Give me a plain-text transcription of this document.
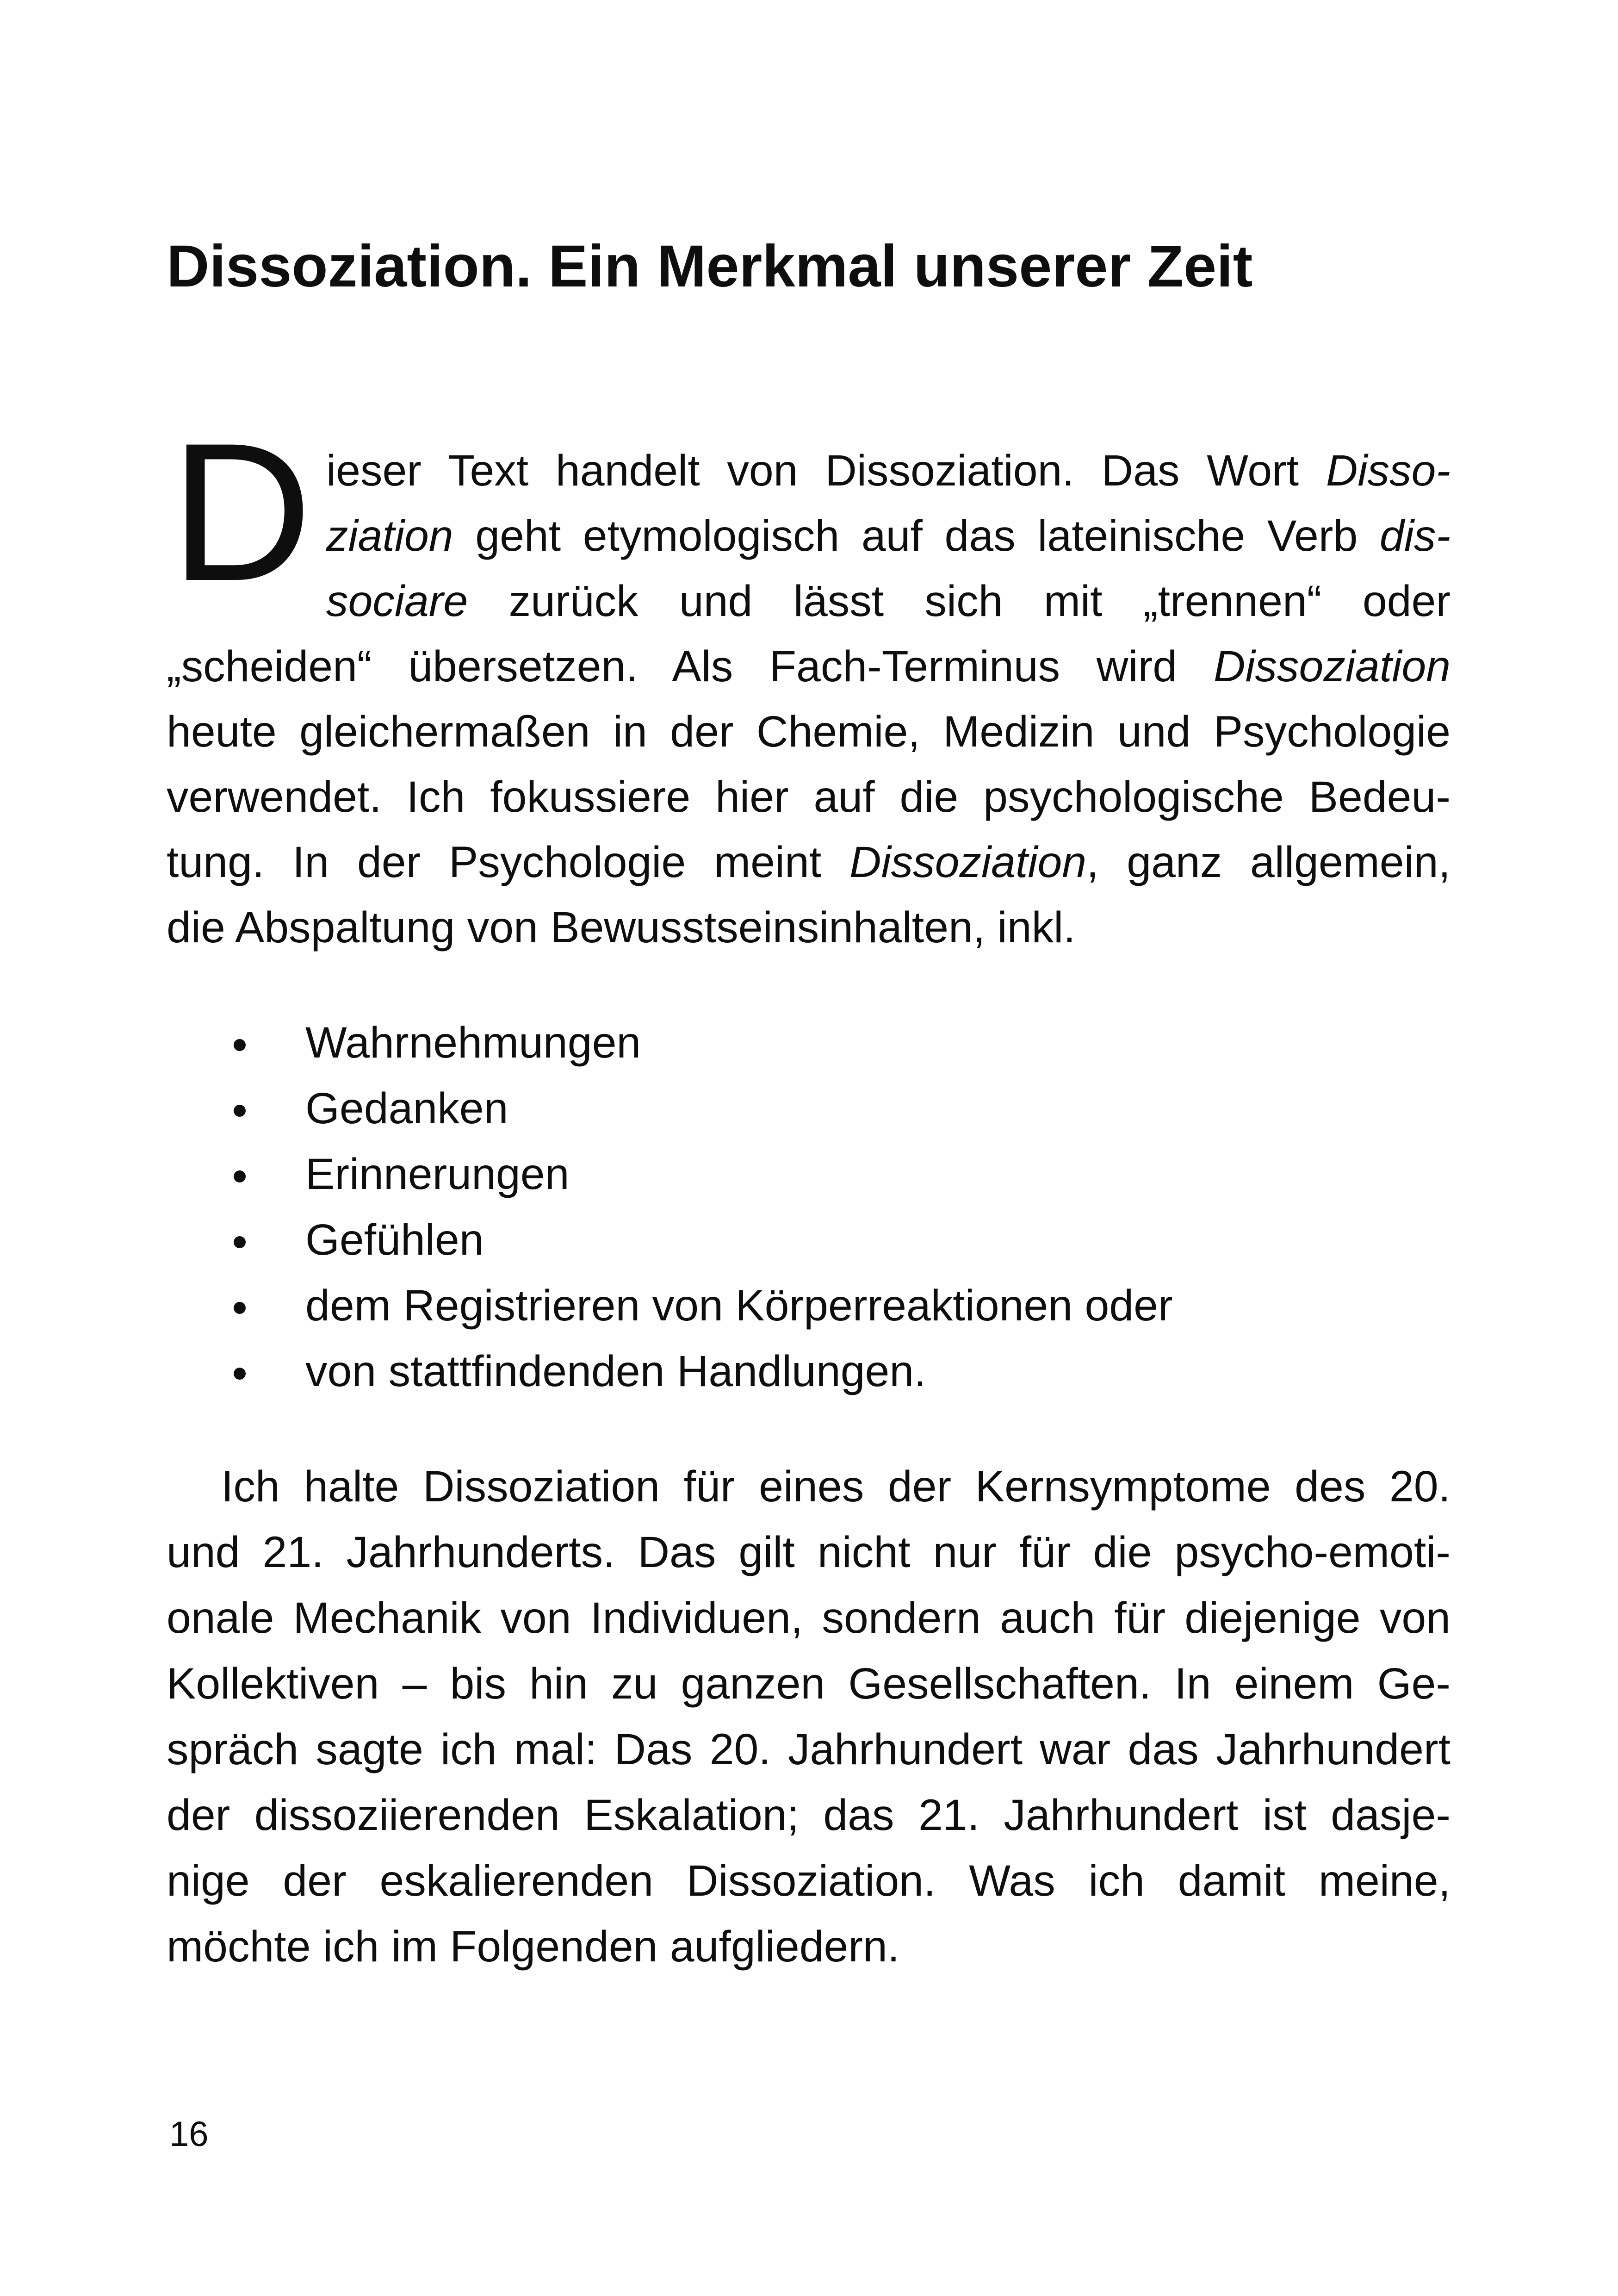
Dissoziation. Ein Merkmal unserer Zeit
D ieser Text handelt von Dissoziation. Das Wort Disso-
ziation geht etymologisch auf das lateinische Verb dis-
sociare zurück und lässt sich mit „trennen“ oder
„scheiden“ übersetzen. Als Fach-Terminus wird Dissoziation
heute gleichermaßen in der Chemie, Medizin und Psychologie
verwendet. Ich fokussiere hier auf die psychologische Bedeu-
tung. In der Psychologie meint Dissoziation, ganz allgemein,
die Abspaltung von Bewusstseinsinhalten, inkl.
Wahrnehmungen
Gedanken
Erinnerungen
Gefühlen
dem Registrieren von Körperreaktionen oder
von stattfindenden Handlungen.
Ich halte Dissoziation für eines der Kernsymptome des 20.
und 21. Jahrhunderts. Das gilt nicht nur für die psycho-emoti-
onale Mechanik von Individuen, sondern auch für diejenige von
Kollektiven – bis hin zu ganzen Gesellschaften. In einem Ge-
spräch sagte ich mal: Das 20. Jahrhundert war das Jahrhundert
der dissoziierenden Eskalation; das 21. Jahrhundert ist dasje-
nige der eskalierenden Dissoziation. Was ich damit meine,
möchte ich im Folgenden aufgliedern.
16
